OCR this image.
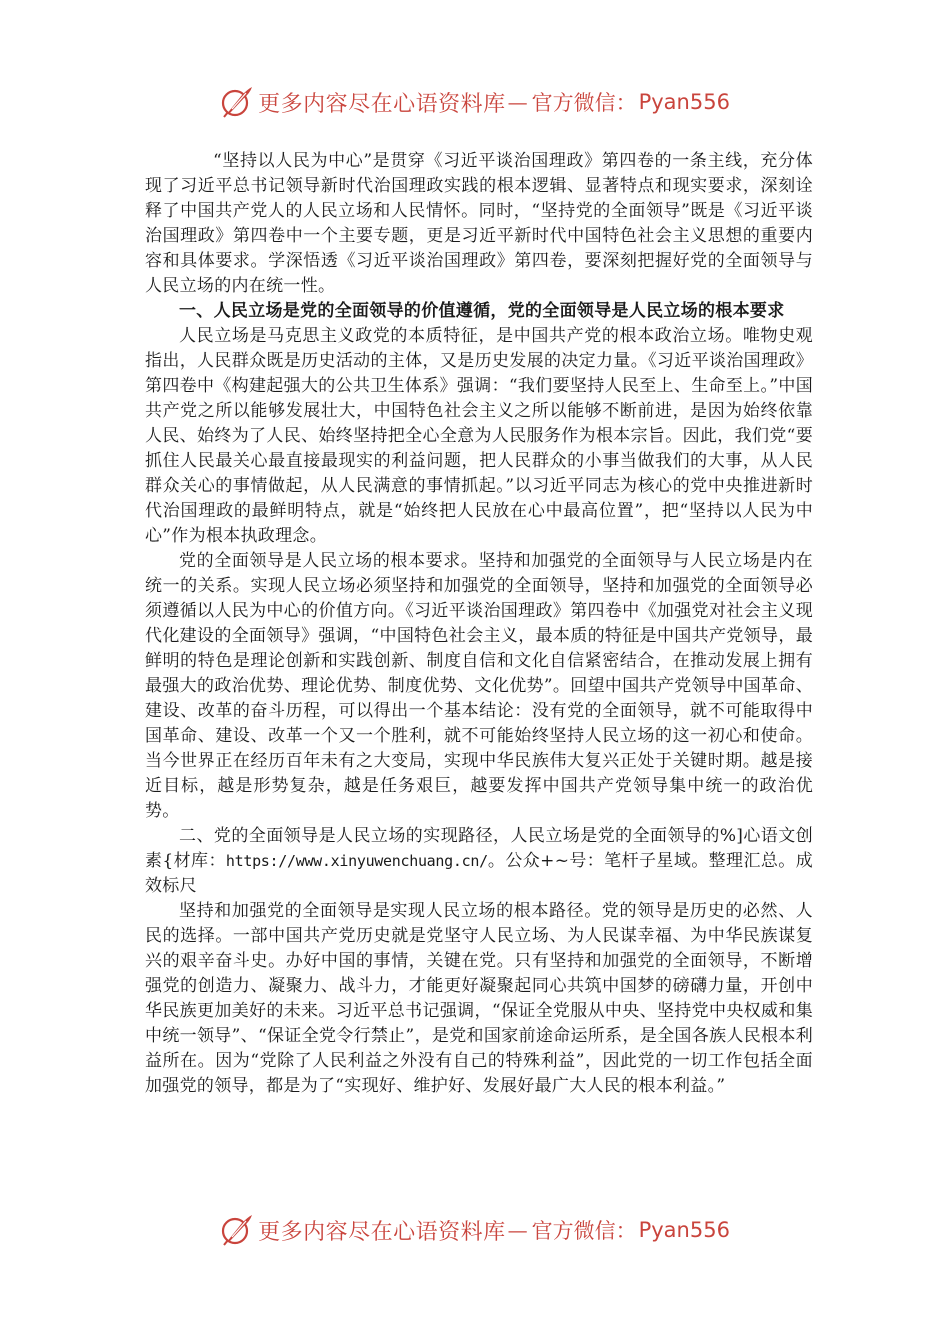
更多内容尽在心语资料库 — 官方微信： Pyan556

“坚持以人民为中心”是贯穿《习近平谈治国理政》第四卷的一条主线，充分体现了习近平总书记领导新时代治国理政实践的根本逻辑、显著特点和现实要求，深刻诠释了中国共产党人的人民立场和人民情怀。同时，“坚持党的全面领导”既是《习近平谈治国理政》第四卷中一个主要专题，更是习近平新时代中国特色社会主义思想的重要内容和具体要求。学深悟透《习近平谈治国理政》第四卷，要深刻把握好党的全面领导与人民立场的内在统一性。

一、人民立场是党的全面领导的价值遵循，党的全面领导是人民立场的根本要求

人民立场是马克思主义政党的本质特征，是中国共产党的根本政治立场。唯物史观指出，人民群众既是历史活动的主体，又是历史发展的决定力量。《习近平谈治国理政》第四卷中《构建起强大的公共卫生体系》强调：“我们要坚持人民至上、生命至上。”中国共产党之所以能够发展壮大，中国特色社会主义之所以能够不断前进，是因为始终依靠人民、始终为了人民、始终坚持把全心全意为人民服务作为根本宗旨。因此，我们党“要抓住人民最关心最直接最现实的利益问题，把人民群众的小事当做我们的大事，从人民群众关心的事情做起，从人民满意的事情抓起。”以习近平同志为核心的党中央推进新时代治国理政的最鲜明特点，就是“始终把人民放在心中最高位置”，把“坚持以人民为中心”作为根本执政理念。

党的全面领导是人民立场的根本要求。坚持和加强党的全面领导与人民立场是内在统一的关系。实现人民立场必须坚持和加强党的全面领导，坚持和加强党的全面领导必须遵循以人民为中心的价值方向。《习近平谈治国理政》第四卷中《加强党对社会主义现代化建设的全面领导》强调，“中国特色社会主义，最本质的特征是中国共产党领导，最鲜明的特色是理论创新和实践创新、制度自信和文化自信紧密结合，在推动发展上拥有最强大的政治优势、理论优势、制度优势、文化优势”。回望中国共产党领导中国革命、建设、改革的奋斗历程，可以得出一个基本结论：没有党的全面领导，就不可能取得中国革命、建设、改革一个又一个胜利，就不可能始终坚持人民立场的这一初心和使命。当今世界正在经历百年未有之大变局，实现中华民族伟大复兴正处于关键时期。越是接近目标，越是形势复杂，越是任务艰巨，越要发挥中国共产党领导集中统一的政治优势。

二、党的全面领导是人民立场的实现路径，人民立场是党的全面领导的%]心语文创素{材库：https://www.xinyuwenchuang.cn/。公众+~号：笔杆子星域。整理汇总。成效标尺

坚持和加强党的全面领导是实现人民立场的根本路径。党的领导是历史的必然、人民的选择。一部中国共产党历史就是党坚守人民立场、为人民谋幸福、为中华民族谋复兴的艰辛奋斗史。办好中国的事情，关键在党。只有坚持和加强党的全面领导，不断增强党的创造力、凝聚力、战斗力，才能更好凝聚起同心共筑中国梦的磅礴力量，开创中华民族更加美好的未来。习近平总书记强调，“保证全党服从中央、坚持党中央权威和集中统一领导”、“保证全党令行禁止”，是党和国家前途命运所系，是全国各族人民根本利益所在。因为“党除了人民利益之外没有自己的特殊利益”，因此党的一切工作包括全面加强党的领导，都是为了“实现好、维护好、发展好最广大人民的根本利益。”

更多内容尽在心语资料库 — 官方微信： Pyan556
